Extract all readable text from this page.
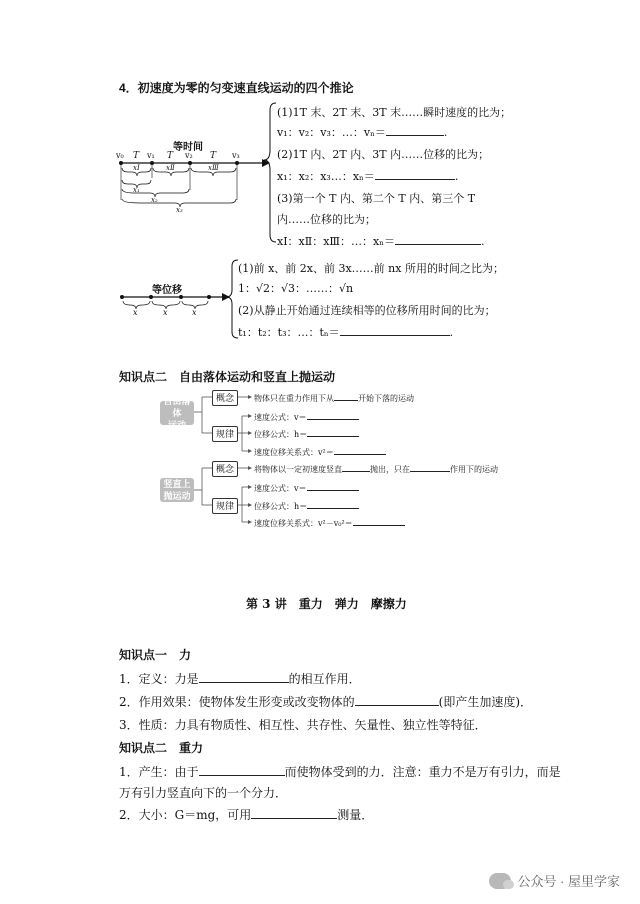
4．初速度为零的匀变速直线运动的四个推论
等时间
v₀	v₁	v₂	v₃
T	T	T
xⅠ	xⅡ	xⅢ
x₁
x₂
x₃
(1)1T 末、2T 末、3T 末……瞬时速度的比为；
v₁：v₂：v₃：…：vₙ＝	.
(2)1T 内、2T 内、3T 内……位移的比为；
x₁：x₂：x₃…：xₙ＝	.
(3)第一个 T 内、第二个 T 内、第三个 T
内……位移的比为；
xⅠ：xⅡ：xⅢ：…：xₙ＝	.
等位移
x	x	x
(1)前 x、前 2x、前 3x……前 nx 所用的时间之比为；
1：√2：√3：……：√n
(2)从静止开始通过连续相等的位移所用时间的比为；
t₁：t₂：t₃：…：tₙ＝	.
知识点二　自由落体运动和竖直上抛运动
自由落体
运动
概念
规律
物体只在重力作用下从	开始下落的运动
速度公式：v＝
位移公式：h＝
速度位移关系式：v²＝
竖直上
抛运动
概念
规律
将物体以一定初速度竖直	抛出，只在	作用下的运动
速度公式：v＝
位移公式：h＝
速度位移关系式：v²－v₀²＝
第 3 讲　重力　弹力　摩擦力
知识点一　力
1．定义：力是	的相互作用．
2．作用效果：使物体发生形变或改变物体的	(即产生加速度)．
3．性质：力具有物质性、相互性、共存性、矢量性、独立性等特征．
知识点二　重力
1．产生：由于	而使物体受到的力．注意：重力不是万有引力，而是
万有引力竖直向下的一个分力．
2．大小：G＝mg，可用	测量．
公众号 · 屋里学家
